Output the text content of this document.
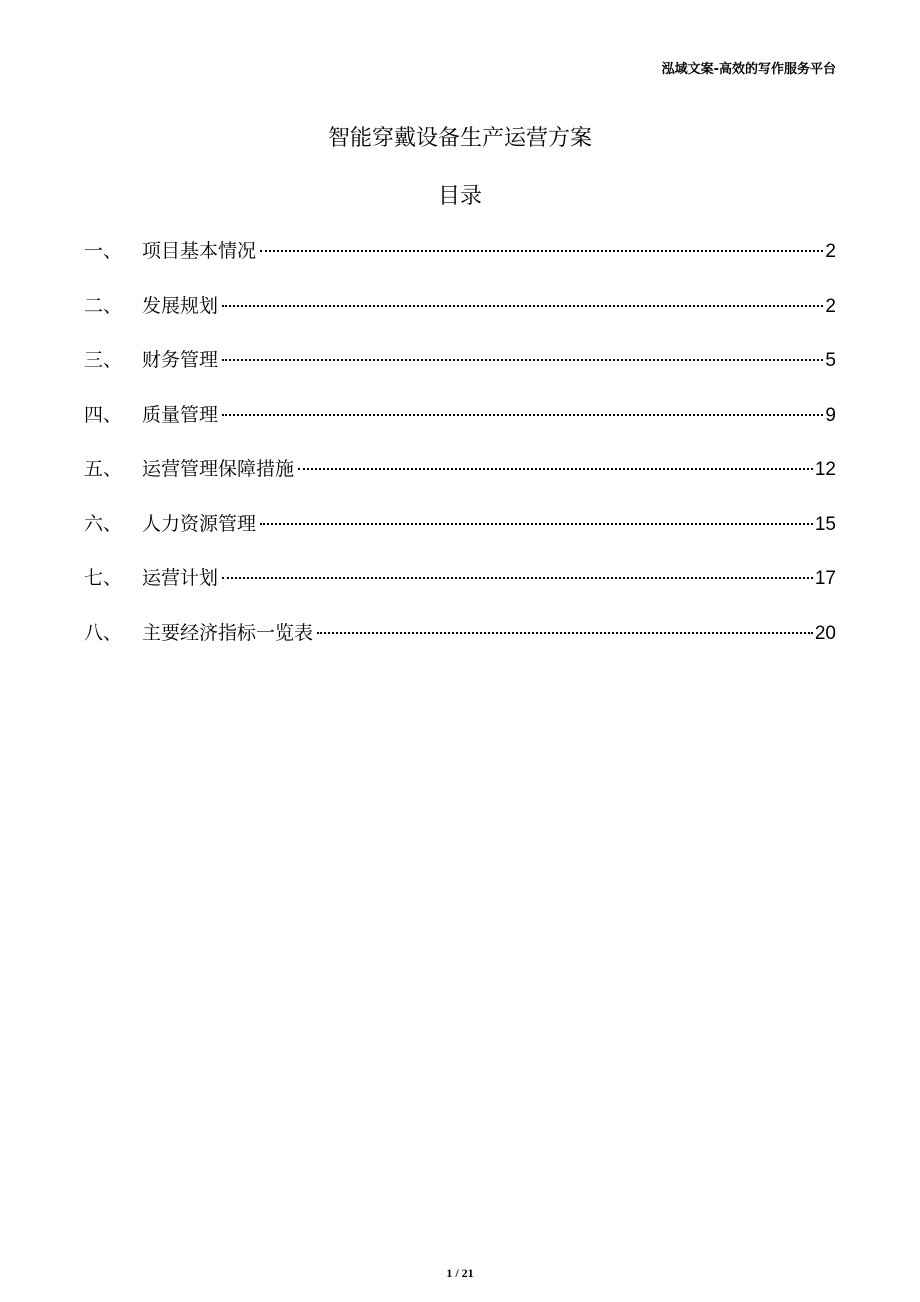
泓域文案-高效的写作服务平台
智能穿戴设备生产运营方案
目录
一、	项目基本情况	2
二、	发展规划	2
三、	财务管理	5
四、	质量管理	9
五、	运营管理保障措施	12
六、	人力资源管理	15
七、	运营计划	17
八、	主要经济指标一览表	20
1 / 21
